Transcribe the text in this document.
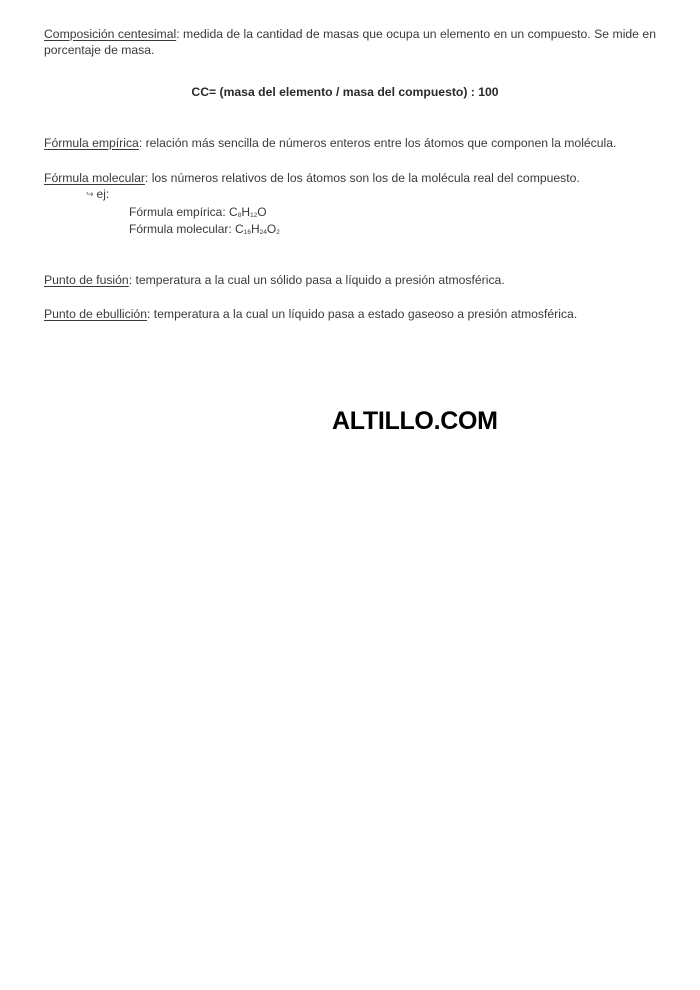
Composición centesimal: medida de la cantidad de masas que ocupa un elemento en un compuesto. Se mide en porcentaje de masa.

CC= (masa del elemento / masa del compuesto) : 100

Fórmula empírica: relación más sencilla de números enteros entre los átomos que componen la molécula.

Fórmula molecular: los números relativos de los átomos son los de la molécula real del compuesto.

↪ ej:
Fórmula empírica: $C_8H_{12}O$
Fórmula molecular: $C_{16}H_{24}O_2$

Punto de fusión: temperatura a la cual un sólido pasa a líquido a presión atmosférica.

Punto de ebullición: temperatura a la cual un líquido pasa a estado gaseoso a presión atmosférica.

ALTILLO.COM
